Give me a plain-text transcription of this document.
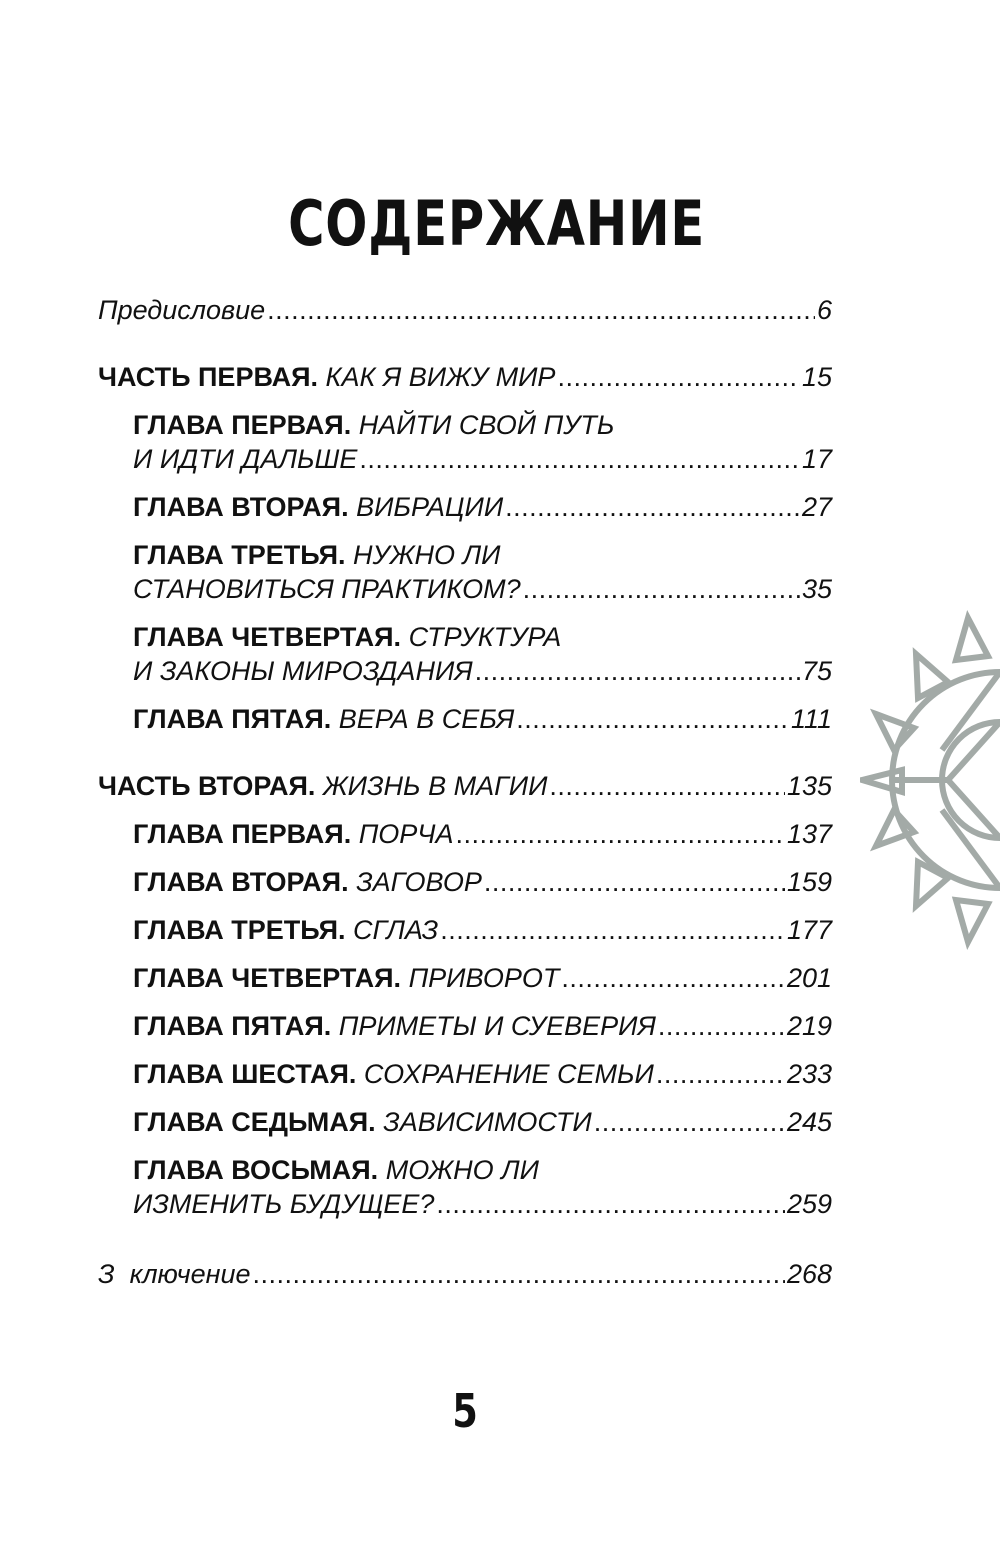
СОДЕРЖАНИЕ
Предисловие .....	6
ЧАСТЬ ПЕРВАЯ.
КАК Я ВИЖУ МИР .....	15
ГЛАВА ПЕРВАЯ.
НАЙТИ СВОЙ ПУТЬ
И ИДТИ ДАЛЬШЕ .....	17
ГЛАВА ВТОРАЯ.
ВИБРАЦИИ .....	27
ГЛАВА ТРЕТЬЯ.
НУЖНО ЛИ
СТАНОВИТЬСЯ ПРАКТИКОМ? .....	35
ГЛАВА ЧЕТВЕРТАЯ.
СТРУКТУРА
И ЗАКОНЫ МИРОЗДАНИЯ .....	75
ГЛАВА ПЯТАЯ.
ВЕРА В СЕБЯ .....	111
ЧАСТЬ ВТОРАЯ.
ЖИЗНЬ В МАГИИ .....	135
ГЛАВА ПЕРВАЯ.
ПОРЧА .....	137
ГЛАВА ВТОРАЯ.
ЗАГОВОР .....	159
ГЛАВА ТРЕТЬЯ.
СГЛАЗ .....	177
ГЛАВА ЧЕТВЕРТАЯ.
ПРИВОРОТ .....	201
ГЛАВА ПЯТАЯ.
ПРИМЕТЫ И СУЕВЕРИЯ .....	219
ГЛАВА ШЕСТАЯ.
СОХРАНЕНИЕ СЕМЬИ .....	233
ГЛАВА СЕДЬМАЯ.
ЗАВИСИМОСТИ .....	245
ГЛАВА ВОСЬМАЯ.
МОЖНО ЛИ
ИЗМЕНИТЬ БУДУЩЕЕ? .....	259
З  ключение .....	268
5
